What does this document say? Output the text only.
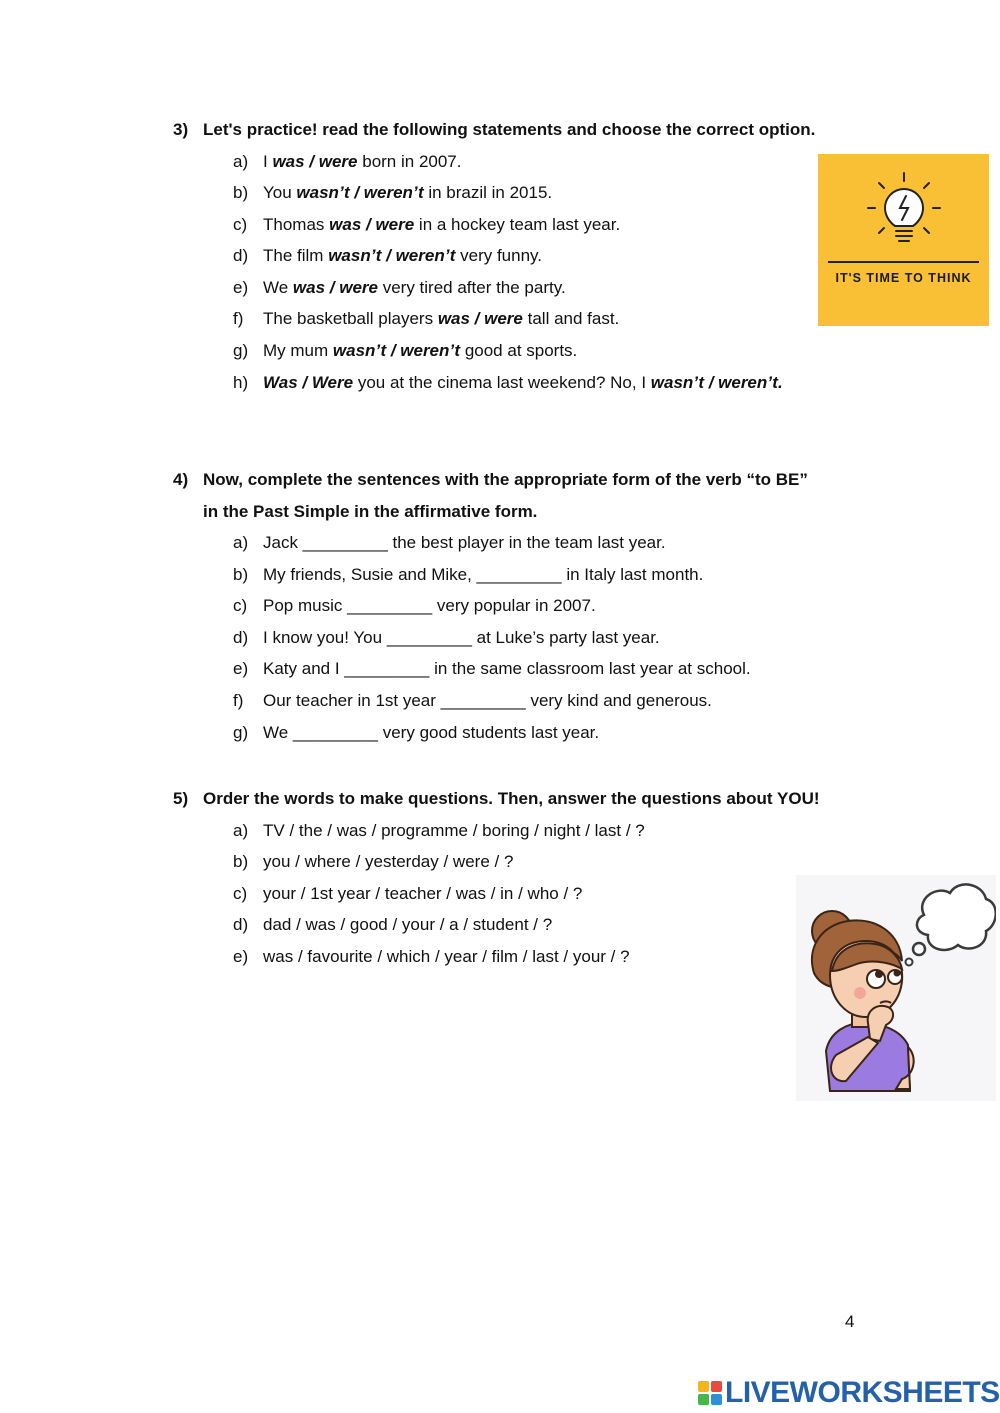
3) Let's practice! read the following statements and choose the correct option.
a) I was / were born in 2007.
b) You wasn’t / weren’t in brazil in 2015.
c) Thomas was / were in a hockey team last year.
d) The film wasn’t / weren’t very funny.
e) We was / were very tired after the party.
f)	The basketball players was / were tall and fast.
g) My mum wasn’t / weren’t good at sports.
h) Was / Were you at the cinema last weekend? No, I wasn’t / weren’t.
IT'S TIME TO THINK
4) Now, complete the sentences with the appropriate form of the verb “to BE” in the Past Simple in the affirmative form.
a) Jack _________ the best player in the team last year.
b) My friends, Susie and Mike, _________ in Italy last month.
c) Pop music _________ very popular in 2007.
d) I know you! You _________ at Luke’s party last year.
e) Katy and I _________ in the same classroom last year at school.
f)	Our teacher in 1st year _________ very kind and generous.
g) We _________ very good students last year.
5) Order the words to make questions. Then, answer the questions about YOU!
a) TV / the / was / programme / boring / night / last / ?
b) you / where / yesterday / were / ?
c) your / 1st year / teacher / was / in / who / ?
d) dad / was / good / your / a / student / ?
e) was / favourite / which / year / film / last / your / ?
4
LIVEWORKSHEETS
